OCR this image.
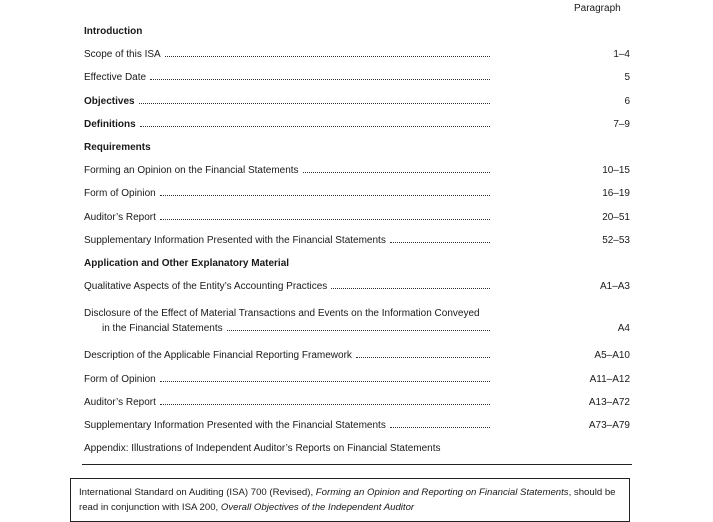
Paragraph
Introduction
Scope of this ISA	1–4
Effective Date	5
Objectives	6
Definitions	7–9
Requirements
Forming an Opinion on the Financial Statements	10–15
Form of Opinion	16–19
Auditor’s Report	20–51
Supplementary Information Presented with the Financial Statements	52–53
Application and Other Explanatory Material
Qualitative Aspects of the Entity’s Accounting Practices	A1–A3
Disclosure of the Effect of Material Transactions and Events on the Information Conveyed
in the Financial Statements	A4
Description of the Applicable Financial Reporting Framework	A5–A10
Form of Opinion	A11–A12
Auditor’s Report	A13–A72
Supplementary Information Presented with the Financial Statements	A73–A79
Appendix: Illustrations of Independent Auditor’s Reports on Financial Statements
International Standard on Auditing (ISA) 700 (Revised), Forming an Opinion and Reporting on Financial Statements, should be read in conjunction with ISA 200, Overall Objectives of the Independent Auditor
